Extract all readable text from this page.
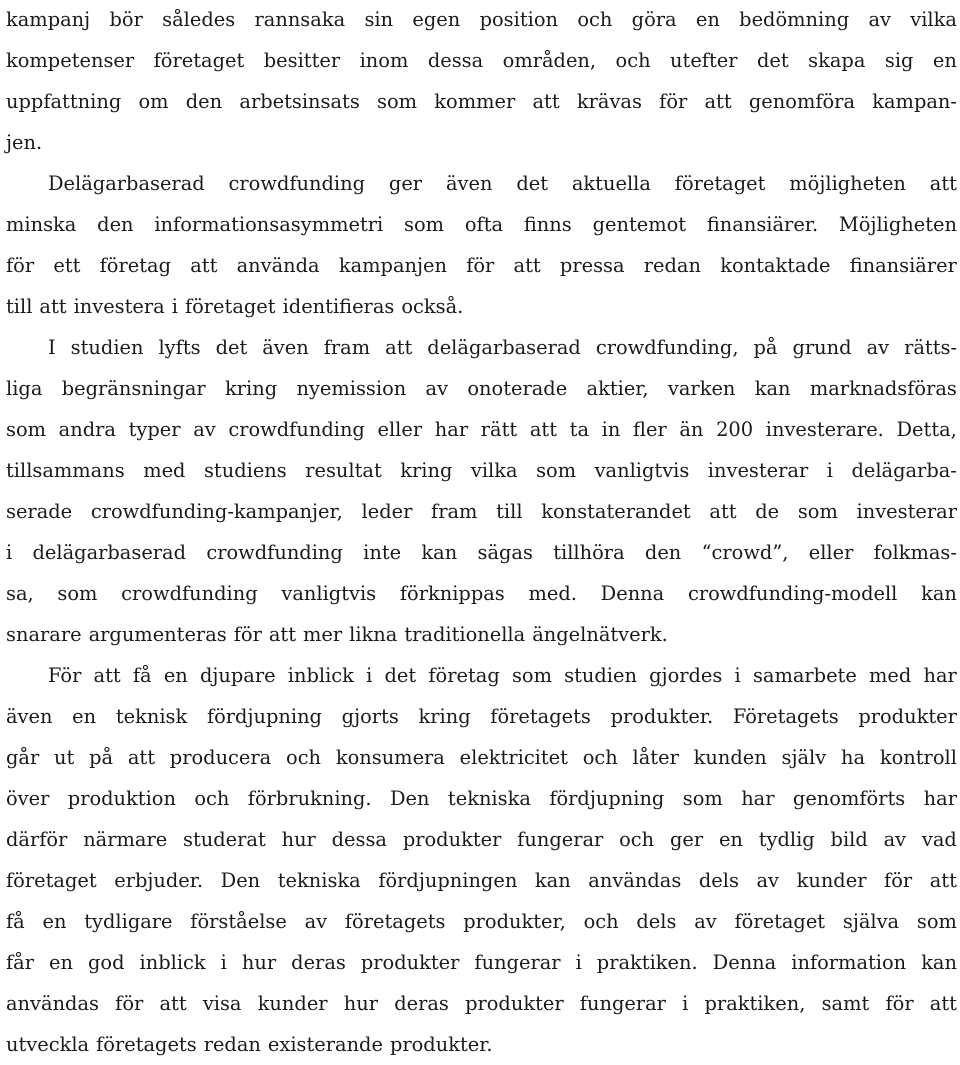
kampanj bör således rannsaka sin egen position och göra en bedömning av vilka
kompetenser företaget besitter inom dessa områden, och utefter det skapa sig en
uppfattning om den arbetsinsats som kommer att krävas för att genomföra kampan-
jen.
Delägarbaserad crowdfunding ger även det aktuella företaget möjligheten att
minska den informationsasymmetri som ofta finns gentemot finansiärer. Möjligheten
för ett företag att använda kampanjen för att pressa redan kontaktade finansiärer
till att investera i företaget identifieras också.
I studien lyfts det även fram att delägarbaserad crowdfunding, på grund av rätts-
liga begränsningar kring nyemission av onoterade aktier, varken kan marknadsföras
som andra typer av crowdfunding eller har rätt att ta in fler än 200 investerare. Detta,
tillsammans med studiens resultat kring vilka som vanligtvis investerar i delägarba-
serade crowdfunding-kampanjer, leder fram till konstaterandet att de som investerar
i delägarbaserad crowdfunding inte kan sägas tillhöra den “crowd”, eller folkmas-
sa, som crowdfunding vanligtvis förknippas med. Denna crowdfunding-modell kan
snarare argumenteras för att mer likna traditionella ängelnätverk.
För att få en djupare inblick i det företag som studien gjordes i samarbete med har
även en teknisk fördjupning gjorts kring företagets produkter. Företagets produkter
går ut på att producera och konsumera elektricitet och låter kunden själv ha kontroll
över produktion och förbrukning. Den tekniska fördjupning som har genomförts har
därför närmare studerat hur dessa produkter fungerar och ger en tydlig bild av vad
företaget erbjuder. Den tekniska fördjupningen kan användas dels av kunder för att
få en tydligare förståelse av företagets produkter, och dels av företaget själva som
får en god inblick i hur deras produkter fungerar i praktiken. Denna information kan
användas för att visa kunder hur deras produkter fungerar i praktiken, samt för att
utveckla företagets redan existerande produkter.
